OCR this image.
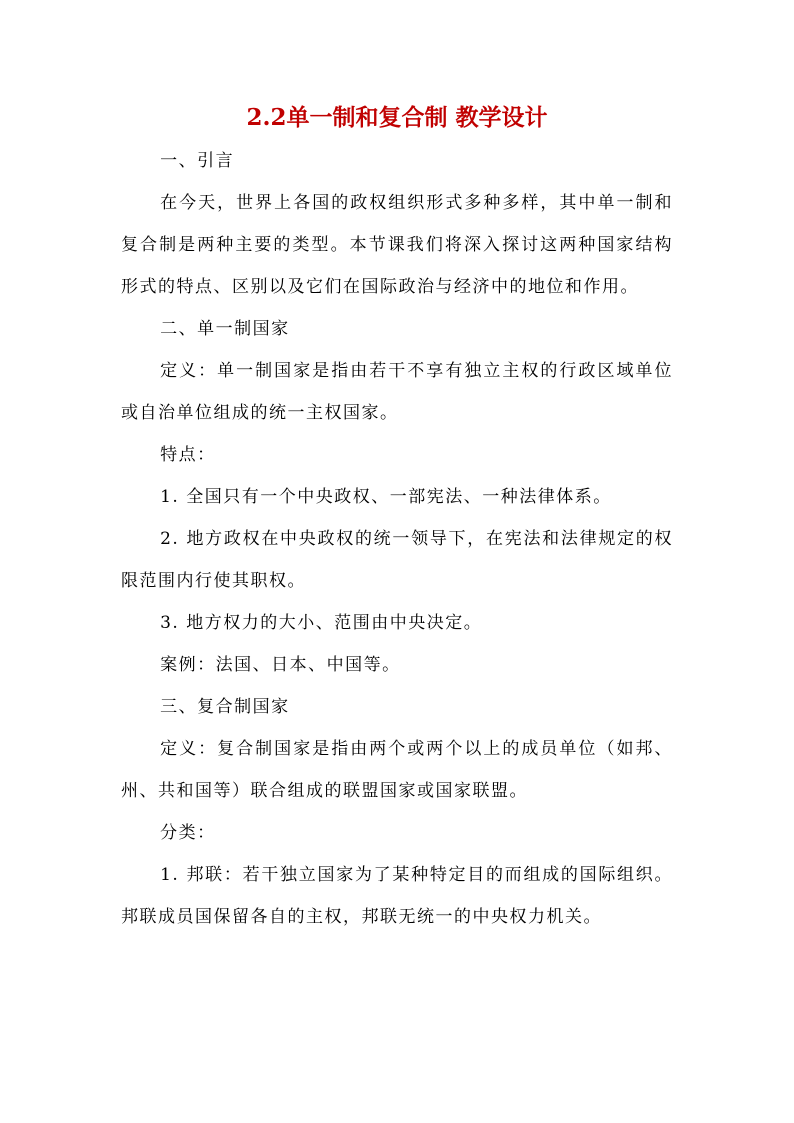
2.2单一制和复合制 教学设计

一、引言

在今天，世界上各国的政权组织形式多种多样，其中单一制和复合制是两种主要的类型。本节课我们将深入探讨这两种国家结构形式的特点、区别以及它们在国际政治与经济中的地位和作用。

二、单一制国家

定义：单一制国家是指由若干不享有独立主权的行政区域单位或自治单位组成的统一主权国家。

特点：

1. 全国只有一个中央政权、一部宪法、一种法律体系。

2. 地方政权在中央政权的统一领导下，在宪法和法律规定的权限范围内行使其职权。

3. 地方权力的大小、范围由中央决定。

案例：法国、日本、中国等。

三、复合制国家

定义：复合制国家是指由两个或两个以上的成员单位（如邦、州、共和国等）联合组成的联盟国家或国家联盟。

分类：

1. 邦联：若干独立国家为了某种特定目的而组成的国际组织。邦联成员国保留各自的主权，邦联无统一的中央权力机关。
